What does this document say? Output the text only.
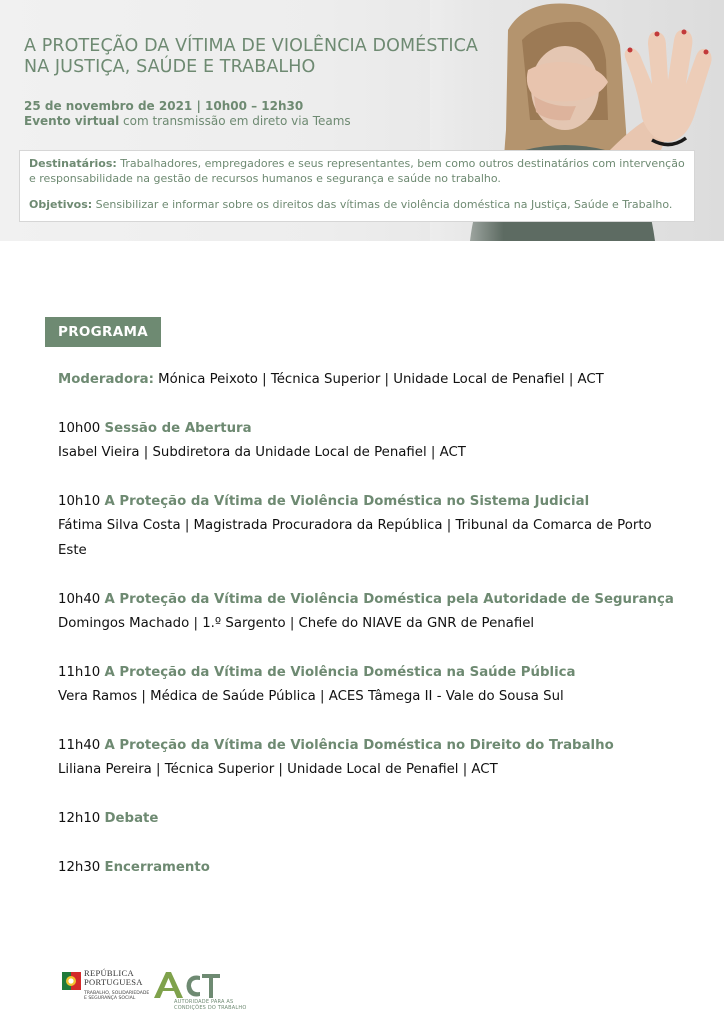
A PROTEÇÃO DA VÍTIMA DE VIOLÊNCIA DOMÉSTICA
NA JUSTIÇA, SAÚDE E TRABALHO
25 de novembro de 2021 | 10h00 – 12h30
Evento virtual com transmissão em direto via Teams
Destinatários: Trabalhadores, empregadores e seus representantes, bem como outros destinatários com intervenção
e responsabilidade na gestão de recursos humanos e segurança e saúde no trabalho.
Objetivos: Sensibilizar e informar sobre os direitos das vítimas de violência doméstica na Justiça, Saúde e Trabalho.
PROGRAMA
Moderadora: Mónica Peixoto | Técnica Superior | Unidade Local de Penafiel | ACT
10h00 Sessão de Abertura
Isabel Vieira | Subdiretora da Unidade Local de Penafiel | ACT
10h10 A Proteção da Vítima de Violência Doméstica no Sistema Judicial
Fátima Silva Costa | Magistrada Procuradora da República | Tribunal da Comarca de Porto
Este
10h40 A Proteção da Vítima de Violência Doméstica pela Autoridade de Segurança
Domingos Machado | 1.º Sargento | Chefe do NIAVE da GNR de Penafiel
11h10 A Proteção da Vítima de Violência Doméstica na Saúde Pública
Vera Ramos | Médica de Saúde Pública | ACES Tâmega II - Vale do Sousa Sul
11h40 A Proteção da Vítima de Violência Doméstica no Direito do Trabalho
Liliana Pereira | Técnica Superior | Unidade Local de Penafiel | ACT
12h10 Debate
12h30 Encerramento
REPÚBLICA
PORTUGUESA
TRABALHO, SOLIDARIEDADE
E SEGURANÇA SOCIAL
AUTORIDADE PARA AS
CONDIÇÕES DO TRABALHO
